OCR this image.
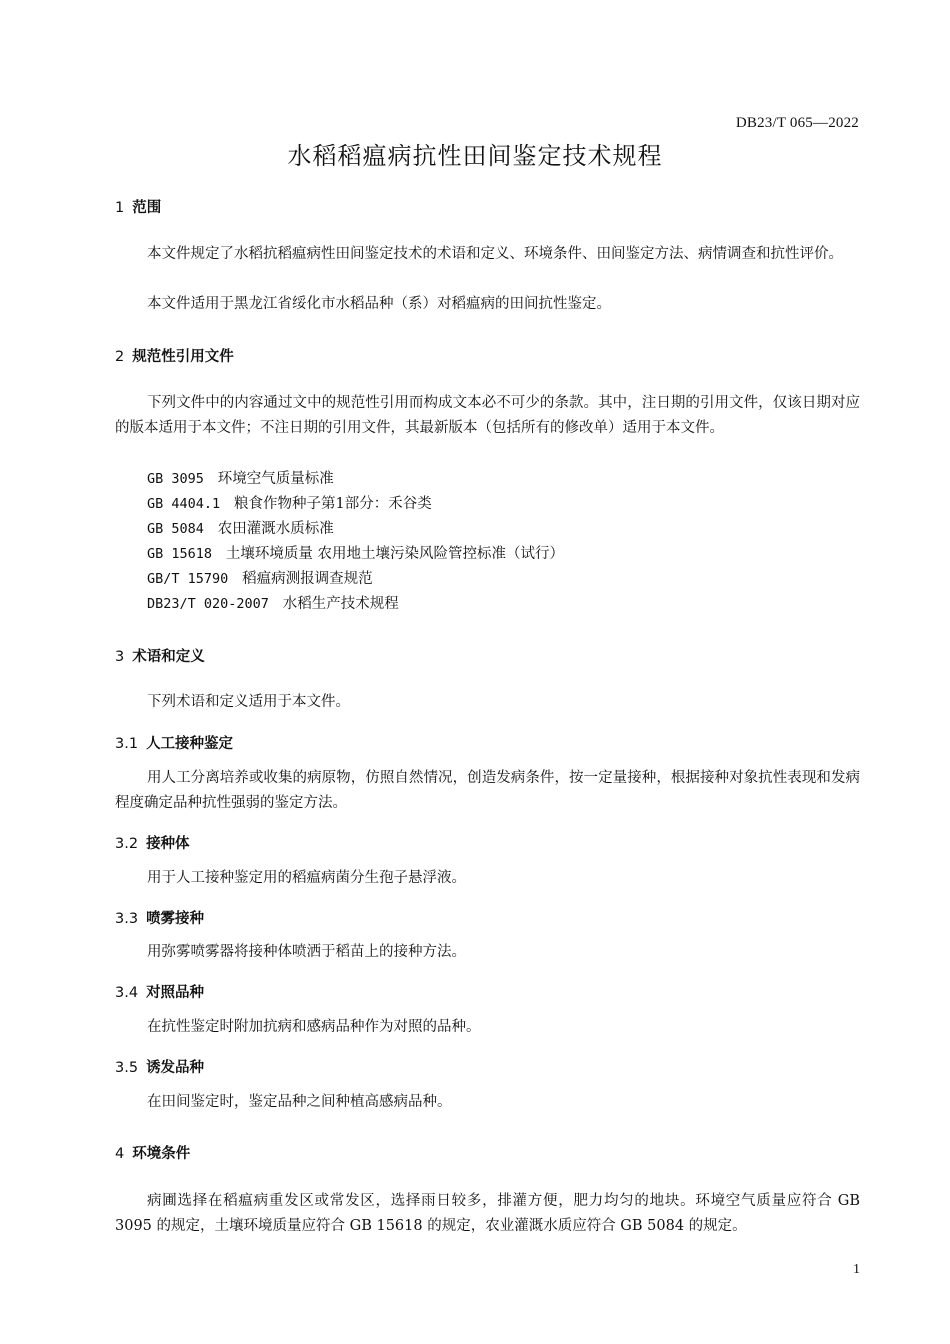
DB23/T 065—2022
水稻稻瘟病抗性田间鉴定技术规程
1 范围

本文件规定了水稻抗稻瘟病性田间鉴定技术的术语和定义、环境条件、田间鉴定方法、病情调查和抗性评价。

本文件适用于黑龙江省绥化市水稻品种（系）对稻瘟病的田间抗性鉴定。

2 规范性引用文件

下列文件中的内容通过文中的规范性引用而构成文本必不可少的条款。其中，注日期的引用文件，仅该日期对应的版本适用于本文件；不注日期的引用文件，其最新版本（包括所有的修改单）适用于本文件。

GB 3095 环境空气质量标准
GB 4404.1 粮食作物种子第1部分：禾谷类
GB 5084 农田灌溉水质标准
GB 15618 土壤环境质量 农用地土壤污染风险管控标准（试行）
GB/T 15790 稻瘟病测报调查规范
DB23/T 020-2007 水稻生产技术规程
3 术语和定义

下列术语和定义适用于本文件。

3.1 人工接种鉴定

用人工分离培养或收集的病原物，仿照自然情况，创造发病条件，按一定量接种，根据接种对象抗性表现和发病程度确定品种抗性强弱的鉴定方法。

3.2 接种体

用于人工接种鉴定用的稻瘟病菌分生孢子悬浮液。

3.3 喷雾接种

用弥雾喷雾器将接种体喷洒于稻苗上的接种方法。

3.4 对照品种

在抗性鉴定时附加抗病和感病品种作为对照的品种。

3.5 诱发品种

在田间鉴定时，鉴定品种之间种植高感病品种。

4 环境条件

病圃选择在稻瘟病重发区或常发区，选择雨日较多，排灌方便，肥力均匀的地块。环境空气质量应符合 GB 3095 的规定，土壤环境质量应符合 GB 15618 的规定，农业灌溉水质应符合 GB 5084 的规定。

1
